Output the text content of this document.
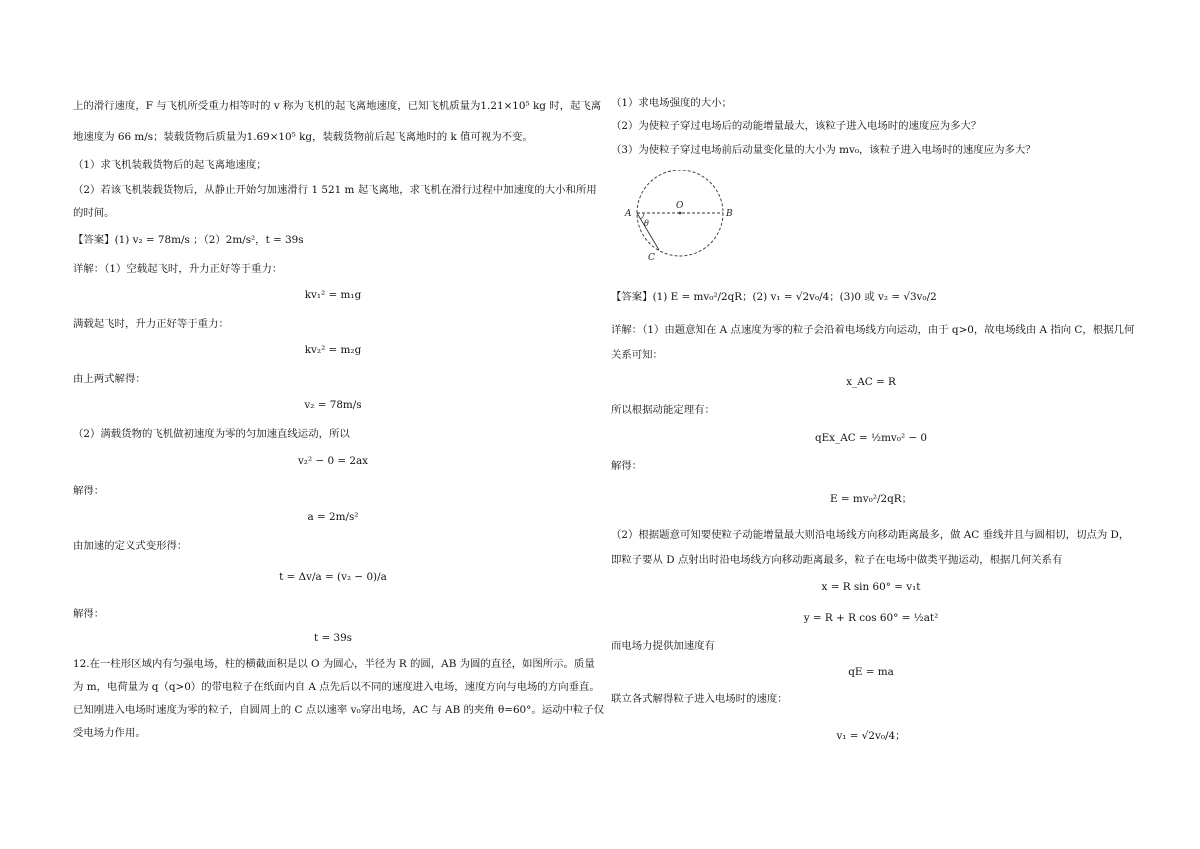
上的滑行速度，F 与飞机所受重力相等时的 v 称为飞机的起飞离地速度，已知飞机质量为1.21×10⁵ kg 时，起飞离
地速度为 66 m/s；装载货物后质量为1.69×10⁵ kg，装载货物前后起飞离地时的 k 值可视为不变。
（1）求飞机装载货物后的起飞离地速度；
（2）若该飞机装载货物后，从静止开始匀加速滑行 1 521 m 起飞离地，求飞机在滑行过程中加速度的大小和所用
的时间。
【答案】(1) v₂ = 78m/s ；（2）2m/s²，t = 39s
详解：（1）空载起飞时，升力正好等于重力：
kv₁² = m₁g
满载起飞时，升力正好等于重力：
kv₂² = m₂g
由上两式解得：
v₂ = 78m/s
（2）满载货物的飞机做初速度为零的匀加速直线运动，所以
v₂² − 0 = 2ax
解得：
a = 2m/s²
由加速的定义式变形得：
t = Δv/a = (v₂ − 0)/a
解得：
t = 39s
12.在一柱形区域内有匀强电场，柱的横截面积是以 O 为圆心，半径为 R 的圆，AB 为圆的直径，如图所示。质量
为 m，电荷量为 q（q>0）的带电粒子在纸面内自 A 点先后以不同的速度进入电场，速度方向与电场的方向垂直。
已知刚进入电场时速度为零的粒子，自圆周上的 C 点以速率 v₀穿出电场，AC 与 AB 的夹角 θ=60°。运动中粒子仅
受电场力作用。
（1）求电场强度的大小；
（2）为使粒子穿过电场后的动能增量最大，该粒子进入电场时的速度应为多大？
（3）为使粒子穿过电场前后动量变化量的大小为 mv₀，该粒子进入电场时的速度应为多大？
【答案】(1) E = mv₀²/2qR；(2) v₁ = √2v₀/4；(3)0 或 v₂ = √3v₀/2
详解：（1）由题意知在 A 点速度为零的粒子会沿着电场线方向运动，由于 q>0，故电场线由 A 指向 C，根据几何
关系可知：
x_AC = R
所以根据动能定理有：
qEx_AC = ½mv₀² − 0
解得：
E = mv₀²/2qR；
（2）根据题意可知要使粒子动能增量最大则沿电场线方向移动距离最多，做 AC 垂线并且与圆相切，切点为 D，
即粒子要从 D 点射出时沿电场线方向移动距离最多，粒子在电场中做类平抛运动，根据几何关系有
x = R sin 60° = v₁t
y = R + R cos 60° = ½at²
而电场力提供加速度有
qE = ma
联立各式解得粒子进入电场时的速度：
v₁ = √2v₀/4；
A
O
B
C
θ
